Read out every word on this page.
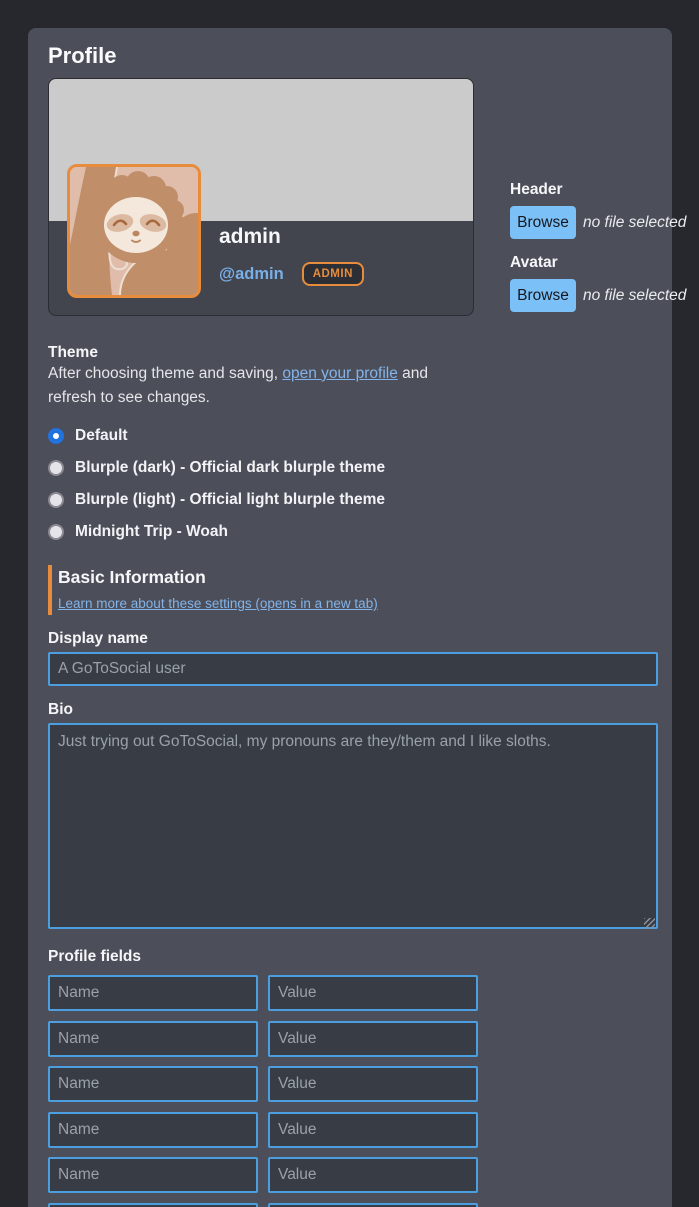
Profile
admin
@admin	ADMIN
Header
Browse no file selected
Avatar
Browse no file selected
Theme

After choosing theme and saving, open your profile and refresh to see changes.

Default
Blurple (dark) - Official dark blurple theme
Blurple (light) - Official light blurple theme
Midnight Trip - Woah
Basic Information
Learn more about these settings (opens in a new tab)
Display name
A GoToSocial user
Bio
Just trying out GoToSocial, my pronouns are they/them and I like sloths.
Profile fields
Name
Value
Name
Value
Name
Value
Name
Value
Name
Value
Name
Value
